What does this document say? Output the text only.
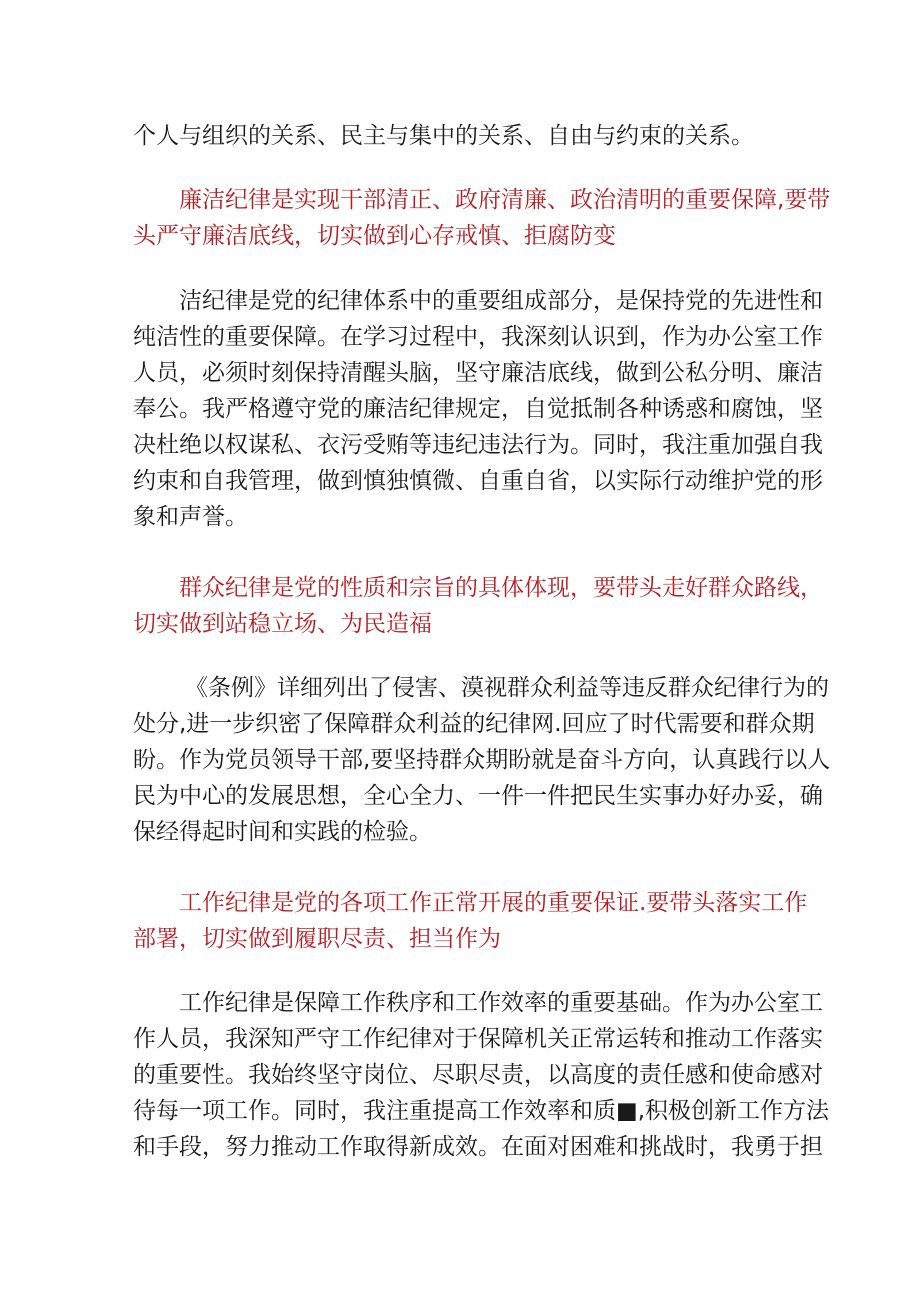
个人与组织的关系、民主与集中的关系、自由与约束的关系。

廉洁纪律是实现干部清正、政府清廉、政治清明的重要保障,要带
头严守廉洁底线，切实做到心存戒慎、拒腐防变

洁纪律是党的纪律体系中的重要组成部分，是保持党的先进性和
纯洁性的重要保障。在学习过程中，我深刻认识到，作为办公室工作
人员，必须时刻保持清醒头脑，坚守廉洁底线，做到公私分明、廉洁
奉公。我严格遵守党的廉洁纪律规定，自觉抵制各种诱惑和腐蚀，坚
决杜绝以权谋私、衣污受贿等违纪违法行为。同时，我注重加强自我
约束和自我管理，做到慎独慎微、自重自省，以实际行动维护党的形
象和声誉。

群众纪律是党的性质和宗旨的具体体现，要带头走好群众路线，
切实做到站稳立场、为民造福

《条例》详细列出了侵害、漠视群众利益等违反群众纪律行为的
处分,进一步织密了保障群众利益的纪律网.回应了时代需要和群众期
盼。作为党员领导干部,要坚持群众期盼就是奋斗方向，认真践行以人
民为中心的发展思想，全心全力、一件一件把民生实事办好办妥，确
保经得起时间和实践的检验。

工作纪律是党的各项工作正常开展的重要保证.要带头落实工作
部署，切实做到履职尽责、担当作为

工作纪律是保障工作秩序和工作效率的重要基础。作为办公室工
作人员，我深知严守工作纪律对于保障机关正常运转和推动工作落实
的重要性。我始终坚守岗位、尽职尽责，以高度的责任感和使命感对
待每一项工作。同时，我注重提高工作效率和质■,积极创新工作方法
和手段，努力推动工作取得新成效。在面对困难和挑战时，我勇于担
